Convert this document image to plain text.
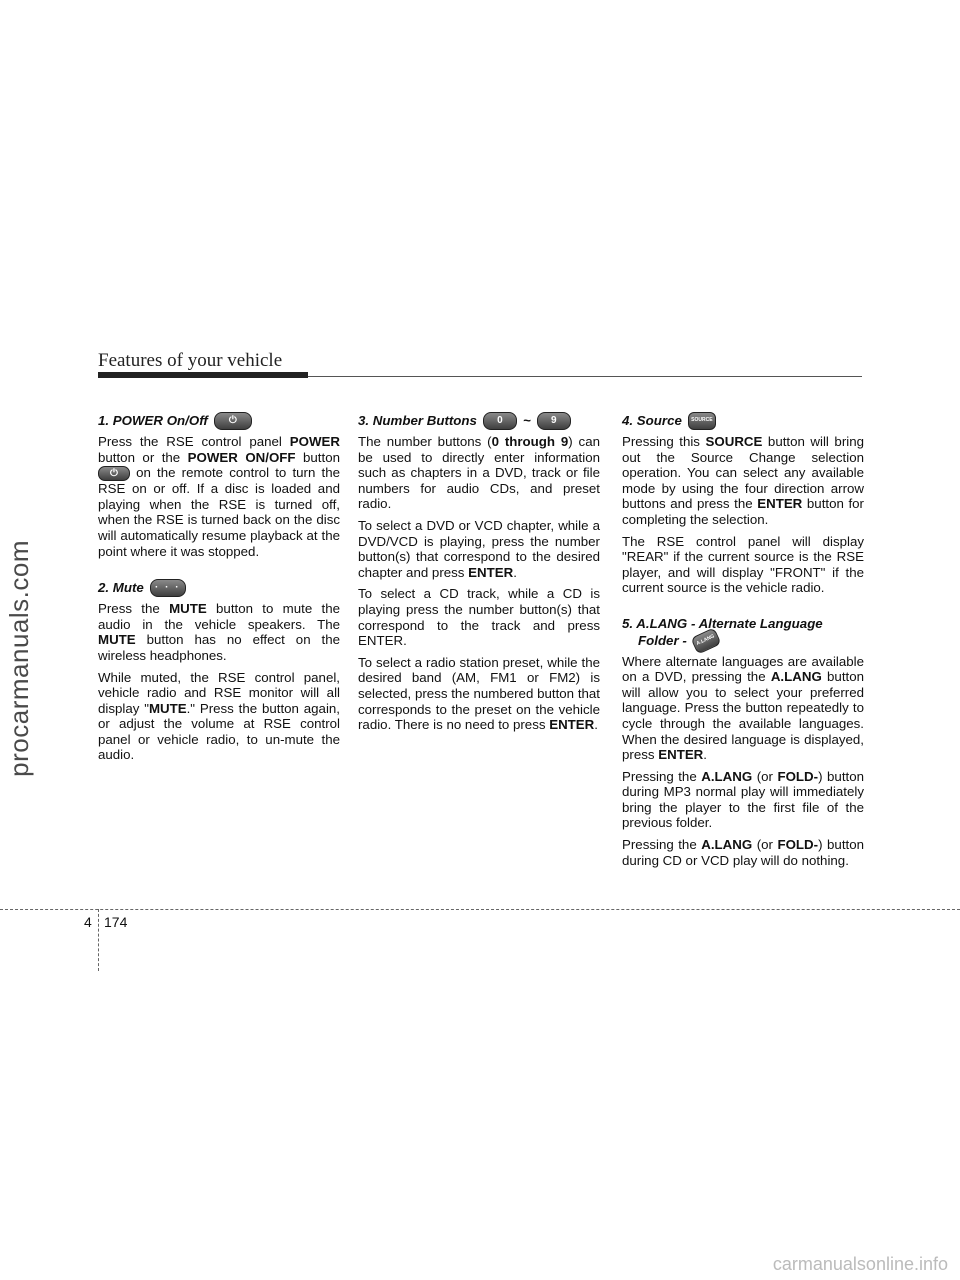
procarmanuals.com
Features of your vehicle
1. POWER On/Off	⏻

Press the RSE control panel POWER button or the POWER ON/OFF button ⏻ on the remote control to turn the RSE on or off. If a disc is loaded and playing when the RSE is turned off, when the RSE is turned back on the disc will automatically resume playback at the point where it was stopped.

2. Mute	· · ·

Press the MUTE button to mute the audio in the vehicle speakers. The MUTE button has no effect on the wireless headphones.

While muted, the RSE control panel, vehicle radio and RSE monitor will all display "MUTE." Press the button again, or adjust the volume at RSE control panel or vehicle radio, to un-mute the audio.

3. Number Buttons	0	~	9

The number buttons (0 through 9) can be used to directly enter information such as chapters in a DVD, track or file numbers for audio CDs, and preset radio.

To select a DVD or VCD chapter, while a DVD/VCD is playing, press the number button(s) that correspond to the desired chapter and press ENTER.

To select a CD track, while a CD is playing press the number button(s) that correspond to the track and press ENTER.

To select a radio station preset, while the desired band (AM, FM1 or FM2) is selected, press the numbered button that corresponds to the preset on the vehicle radio. There is no need to press ENTER.

4. Source	SOURCE

Pressing this SOURCE button will bring out the Source Change selection operation. You can select any available mode by using the four direction arrow buttons and press the ENTER button for completing the selection.

The RSE control panel will display "REAR" if the current source is the RSE player, and will display "FRONT" if the current source is the vehicle radio.

5. A.LANG - Alternate Language
Folder -	A.LANG

Where alternate languages are available on a DVD, pressing the A.LANG button will allow you to select your preferred language. Press the button repeatedly to cycle through the available languages. When the desired language is displayed, press ENTER.

Pressing the A.LANG (or FOLD-) button during MP3 normal play will immediately bring the player to the first file of the previous folder.

Pressing the A.LANG (or FOLD-) button during CD or VCD play will do nothing.

4 174
carmanualsonline.info
